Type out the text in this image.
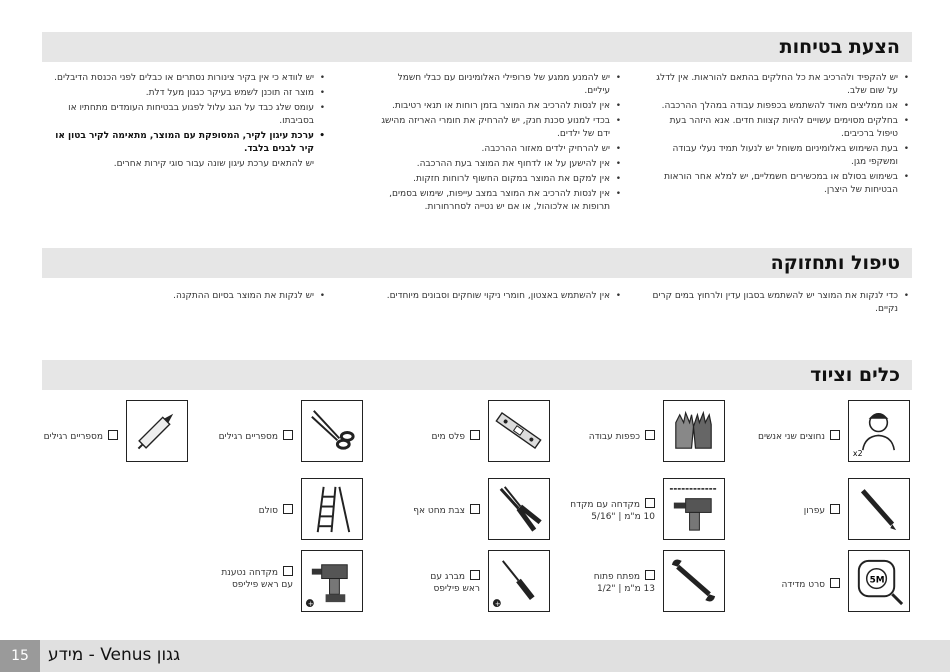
הצעת בטיחות
• יש להקפיד ולהרכיב את כל החלקים בהתאם להוראות. אין לדלג על שום שלב.
• אנו ממליצים מאוד להשתמש בכפפות עבודה במהלך ההרכבה.
• בחלקים מסוימים עשויים להיות קצוות חדים. אנא היזהר בעת טיפול ברכיבים.
• בעת השימוש באלומיניום משוחל יש לנעול תמיד נעלי עבודה ומשקפי מגן.
• בשימוש בסולם או במכשירים חשמליים, יש למלא אחר הוראות הבטיחות של היצרן.
• יש להמנע ממגע של פרופילי האלומיניום עם כבלי חשמל עיליים.
• אין לנסות להרכיב את המוצר בזמן רוחות או תנאי רטיבות.
• בכדי למנוע סכנת חנק, יש להרחיק את חומרי האריזה מהישג ידם של ילדים.
• יש להרחיק ילדים מאזור ההרכבה.
• אין להישען על או לדחוף את המוצר בעת ההרכבה.
• אין למקם את המוצר במקום החשוף לרוחות חזקות.
• אין לנסות להרכיב את המוצר במצב עייפות, שימוש בסמים, תרופות או אלכוהול, או אם יש נטייה לסחרחורות.
• יש לוודא כי אין בקיר צינורות נסתרים או כבלים לפני הכנסת הדיבלים.
• מוצר זה תוכנן לשמש בעיקר כגגון מעל דלת.
• עומס שלג כבד על הגג עלול לפגוע בבטיחות העומדים מתחתיו או בסביבתו.
• ערכת עיגון לקיר, המסופקת עם המוצר, מתאימה לקיר בטון או קיר לבנים בלבד.
יש להתאים ערכת עיגון שונה עבור סוגי קירות אחרים.
טיפול ותחזוקה
• כדי לנקות את המוצר יש להשתמש בסבון עדין ולרחוץ במים קרים נקיים.
• אין להשתמש באצטון, חומרי ניקוי שוחקים וסבונים מיוחדים.
• יש לנקות את המוצר בסיום ההתקנה.
כלים וציוד
נחוצים שני אנשים
x2
כפפות עבודה
פלס מים
מספריים רגילים
מספריים רגילים
עפרון
מקדחה עם מקדח
10 מ"מ | "5/16
צבת מחט אף
סולם
סרט מדידה	5M
מפתח פתוח
13 מ"מ | "1/2
מברג עם
ראש פיליפס
+
מקדחה נטענת
עם ראש פיליפס
+
15	גגון Venus - מידע
